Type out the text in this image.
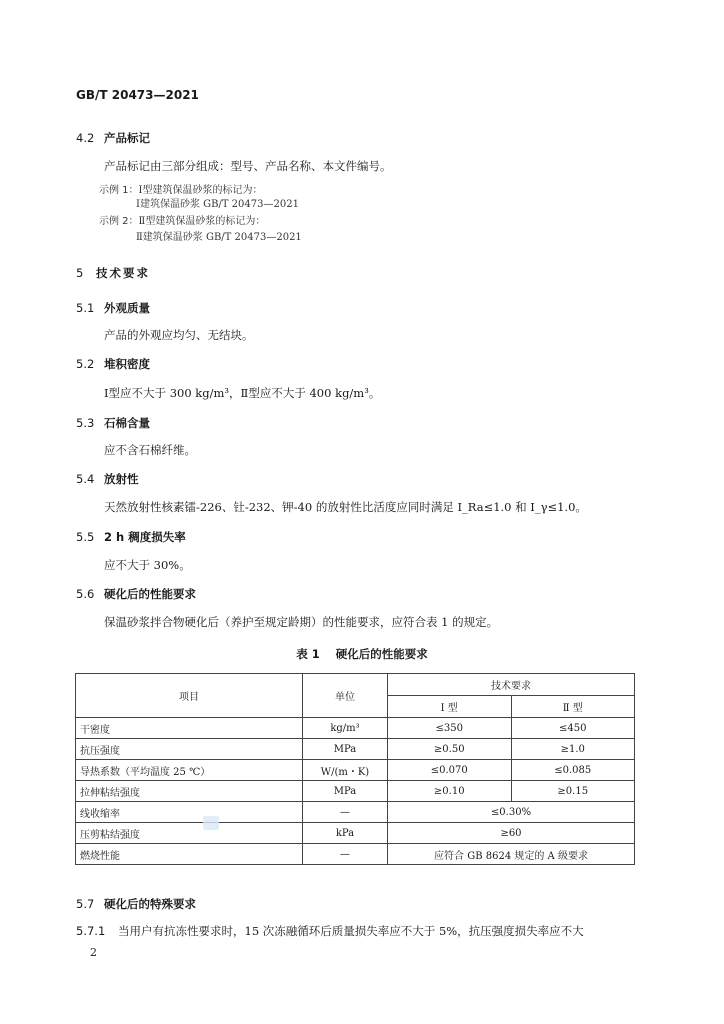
GB/T 20473—2021
4.2 产品标记
产品标记由三部分组成：型号、产品名称、本文件编号。
示例 1：Ⅰ型建筑保温砂浆的标记为：
Ⅰ建筑保温砂浆 GB/T 20473—2021
示例 2：Ⅱ型建筑保温砂浆的标记为：
Ⅱ建筑保温砂浆 GB/T 20473—2021
5 技术要求
5.1 外观质量
产品的外观应均匀、无结块。
5.2 堆积密度
Ⅰ型应不大于 300 kg/m³，Ⅱ型应不大于 400 kg/m³。
5.3 石棉含量
应不含石棉纤维。
5.4 放射性
天然放射性核素镭-226、钍-232、钾-40 的放射性比活度应同时满足 I_Ra≤1.0 和 I_γ≤1.0。
5.5 2 h 稠度损失率
应不大于 30%。
5.6 硬化后的性能要求
保温砂浆拌合物硬化后（养护至规定龄期）的性能要求，应符合表 1 的规定。
表 1 硬化后的性能要求
项目	单位	技术要求	
		Ⅰ 型	Ⅱ 型
干密度	kg/m³	≤350	≤450
抗压强度	MPa	≥0.50	≥1.0
导热系数（平均温度 25 ℃）	W/(m・K)	≤0.070	≤0.085
拉伸粘结强度	MPa	≥0.10	≥0.15
线收缩率	—	≤0.30%	
压剪粘结强度	kPa	≥60	
燃烧性能	—	应符合 GB 8624 规定的 A 级要求	
5.7 硬化后的特殊要求
5.7.1 当用户有抗冻性要求时，15 次冻融循环后质量损失率应不大于 5%，抗压强度损失率应不大
2
